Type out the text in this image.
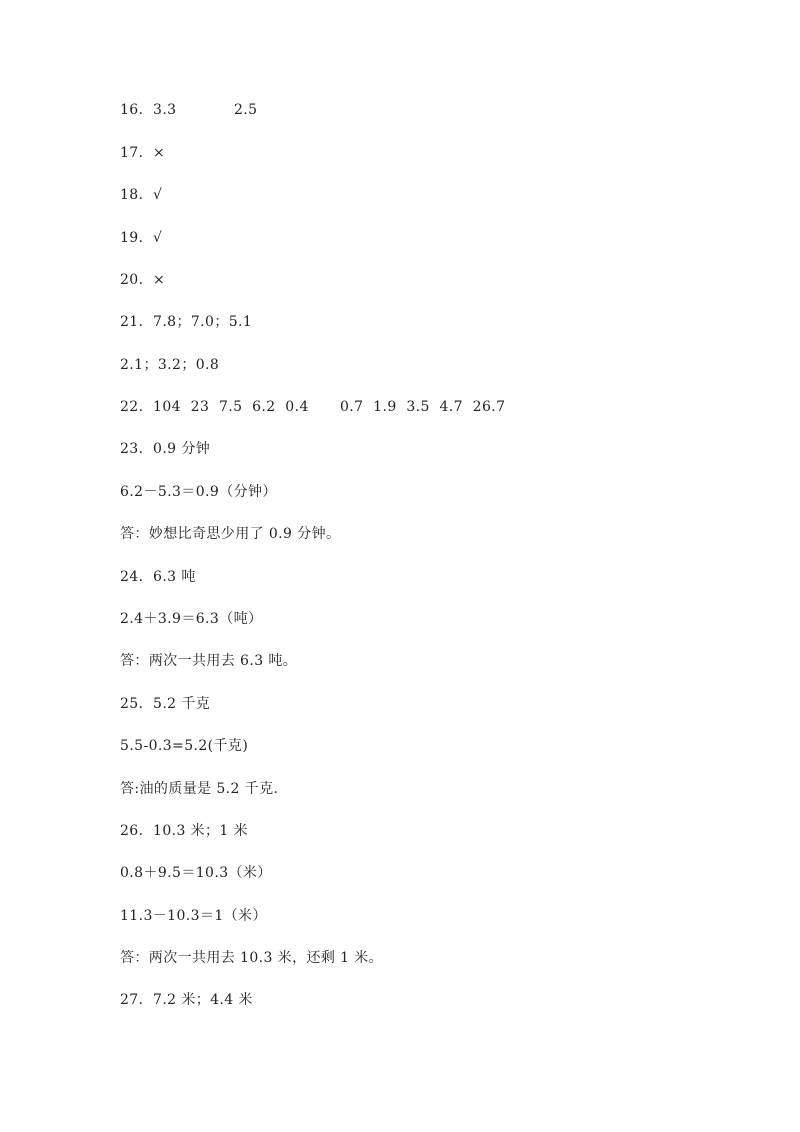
16．3.3	2.5
17．×
18．√
19．√
20．×
21．7.8；7.0；5.1
2.1；3.2；0.8
22．104  23  7.5  6.2  0.4 0.7  1.9  3.5  4.7  26.7
23．0.9 分钟
6.2－5.3＝0.9（分钟）
答：妙想比奇思少用了 0.9 分钟。
24．6.3 吨
2.4＋3.9＝6.3（吨）
答：两次一共用去 6.3 吨。
25．5.2 千克
5.5-0.3=5.2(千克)
答:油的质量是 5.2 千克.
26．10.3 米；1 米
0.8＋9.5＝10.3（米）
11.3－10.3＝1（米）
答：两次一共用去 10.3 米，还剩 1 米。
27．7.2 米；4.4 米
